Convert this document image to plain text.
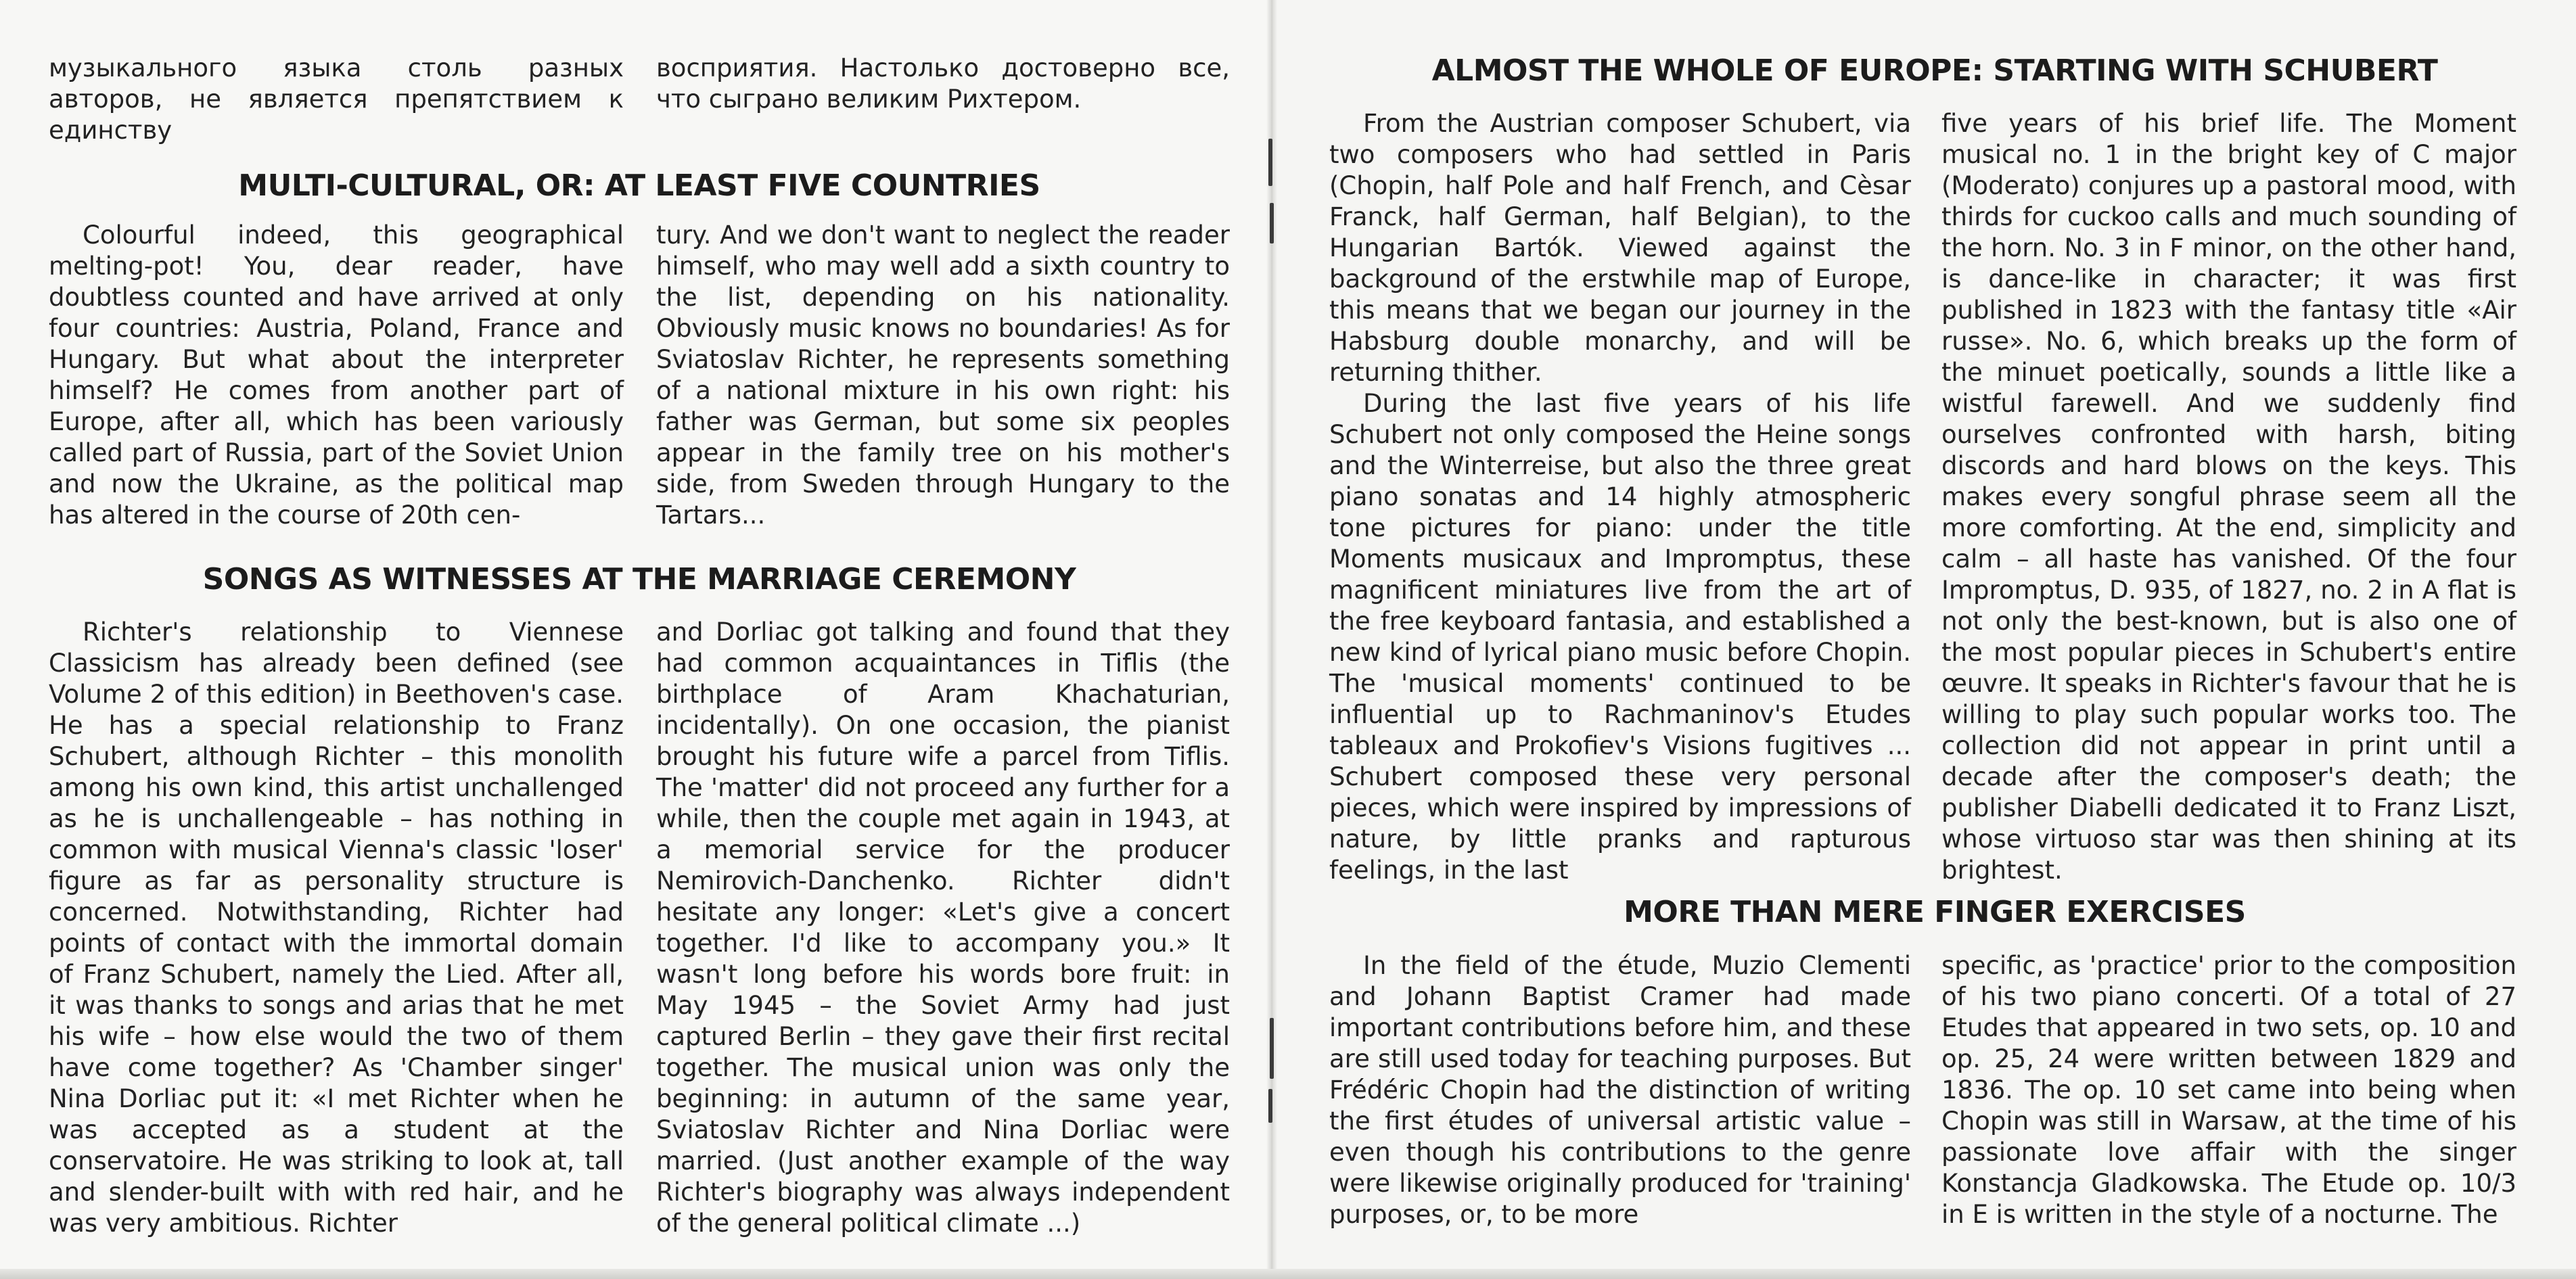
музыкального языка столь разных авторов, не является препятствием к единству

восприятия. Настолько достоверно все, что сыграно великим Рихтером.

MULTI-CULTURAL, OR: AT LEAST FIVE COUNTRIES

Colourful indeed, this geographical melting-pot! You, dear reader, have doubtless counted and have arrived at only four countries: Austria, Poland, France and Hungary. But what about the interpreter himself? He comes from another part of Europe, after all, which has been variously called part of Russia, part of the Soviet Union and now the Ukraine, as the political map has altered in the course of 20th cen-

tury. And we don't want to neglect the reader himself, who may well add a sixth country to the list, depending on his nationality. Obviously music knows no boundaries! As for Sviatoslav Richter, he represents something of a national mixture in his own right: his father was German, but some six peoples appear in the family tree on his mother's side, from Sweden through Hungary to the Tartars...

SONGS AS WITNESSES AT THE MARRIAGE CEREMONY

Richter's relationship to Viennese Classicism has already been defined (see Volume 2 of this edition) in Beethoven's case. He has a special relationship to Franz Schubert, although Richter – this monolith among his own kind, this artist unchallenged as he is unchallengeable – has nothing in common with musical Vienna's classic 'loser' figure as far as personality structure is concerned. Notwithstanding, Richter had points of contact with the immortal domain of Franz Schubert, namely the Lied. After all, it was thanks to songs and arias that he met his wife – how else would the two of them have come together? As 'Chamber singer' Nina Dorliac put it: «I met Richter when he was accepted as a student at the conservatoire. He was striking to look at, tall and slender-built with with red hair, and he was very ambitious. Richter

and Dorliac got talking and found that they had common acquaintances in Tiflis (the birthplace of Aram Khachaturian, incidentally). On one occasion, the pianist brought his future wife a parcel from Tiflis. The 'matter' did not proceed any further for a while, then the couple met again in 1943, at a memorial service for the producer Nemirovich-Danchenko. Richter didn't hesitate any longer: «Let's give a concert together. I'd like to accompany you.» It wasn't long before his words bore fruit: in May 1945 – the Soviet Army had just captured Berlin – they gave their first recital together. The musical union was only the beginning: in autumn of the same year, Sviatoslav Richter and Nina Dorliac were married. (Just another example of the way Richter's biography was always independent of the general political climate ...)

ALMOST THE WHOLE OF EUROPE: STARTING WITH SCHUBERT

From the Austrian composer Schubert, via two composers who had settled in Paris (Chopin, half Pole and half French, and Cèsar Franck, half German, half Belgian), to the Hungarian Bartók. Viewed against the background of the erstwhile map of Europe, this means that we began our journey in the Habsburg double monarchy, and will be returning thither.

During the last five years of his life Schubert not only composed the Heine songs and the Winterreise, but also the three great piano sonatas and 14 highly atmospheric tone pictures for piano: under the title Moments musicaux and Impromptus, these magnificent miniatures live from the art of the free keyboard fantasia, and established a new kind of lyrical piano music before Chopin. The 'musical moments' continued to be influential up to Rachmaninov's Etudes tableaux and Prokofiev's Visions fugitives ... Schubert composed these very personal pieces, which were inspired by impressions of nature, by little pranks and rapturous feelings, in the last

five years of his brief life. The Moment musical no. 1 in the bright key of C major (Moderato) conjures up a pastoral mood, with thirds for cuckoo calls and much sounding of the horn. No. 3 in F minor, on the other hand, is dance-like in character; it was first published in 1823 with the fantasy title «Air russe». No. 6, which breaks up the form of the minuet poetically, sounds a little like a wistful farewell. And we suddenly find ourselves confronted with harsh, biting discords and hard blows on the keys. This makes every songful phrase seem all the more comforting. At the end, simplicity and calm – all haste has vanished. Of the four Impromptus, D. 935, of 1827, no. 2 in A flat is not only the best-known, but is also one of the most popular pieces in Schubert's entire œuvre. It speaks in Richter's favour that he is willing to play such popular works too. The collection did not appear in print until a decade after the composer's death; the publisher Diabelli dedicated it to Franz Liszt, whose virtuoso star was then shining at its brightest.

MORE THAN MERE FINGER EXERCISES

In the field of the étude, Muzio Clementi and Johann Baptist Cramer had made important contributions before him, and these are still used today for teaching purposes. But Frédéric Chopin had the distinction of writing the first études of universal artistic value – even though his contributions to the genre were likewise originally produced for 'training' purposes, or, to be more

specific, as 'practice' prior to the composition of his two piano concerti. Of a total of 27 Etudes that appeared in two sets, op. 10 and op. 25, 24 were written between 1829 and 1836. The op. 10 set came into being when Chopin was still in Warsaw, at the time of his passionate love affair with the singer Konstancja Gladkowska. The Etude op. 10/3 in E is written in the style of a nocturne. The
